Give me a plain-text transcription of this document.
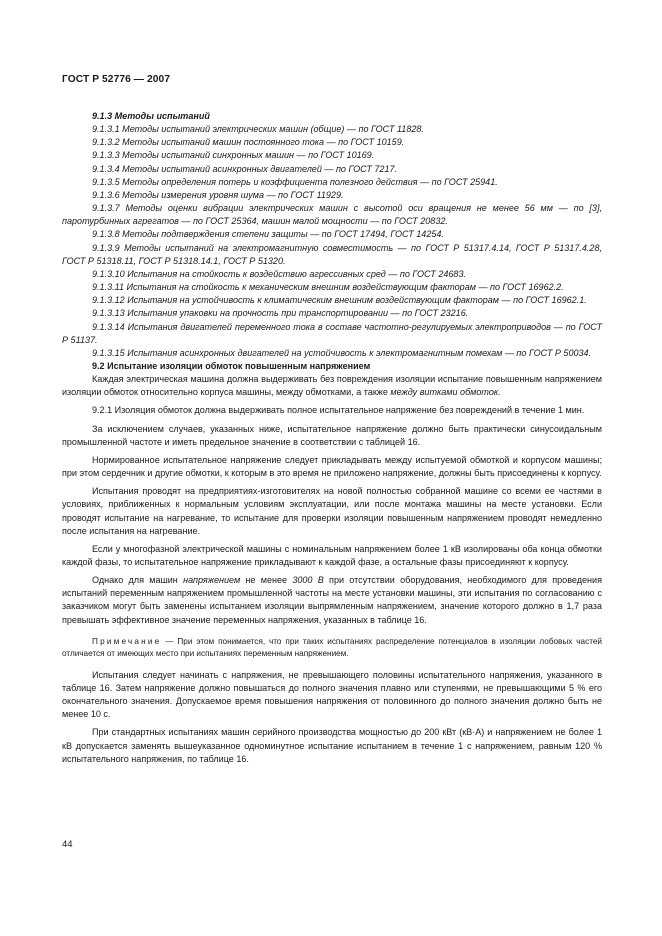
ГОСТ Р 52776 — 2007

9.1.3 Методы испытаний

9.1.3.1 Методы испытаний электрических машин (общие) — по ГОСТ 11828.

9.1.3.2 Методы испытаний машин постоянного тока — по ГОСТ 10159.

9.1.3.3 Методы испытаний синхронных машин — по ГОСТ 10169.

9.1.3.4 Методы испытаний асинхронных двигателей — по ГОСТ 7217.

9.1.3.5 Методы определения потерь и коэффициента полезного действия — по ГОСТ 25941.

9.1.3.6 Методы измерения уровня шума — по ГОСТ 11929.

9.1.3.7 Методы оценки вибрации электрических машин с высотой оси вращения не менее 56 мм — по [3], паротурбинных агрегатов — по ГОСТ 25364, машин малой мощности — по ГОСТ 20832.

9.1.3.8 Методы подтверждения степени защиты — по ГОСТ 17494, ГОСТ 14254.

9.1.3.9 Методы испытаний на электромагнитную совместимость — по ГОСТ Р 51317.4.14, ГОСТ Р 51317.4.28, ГОСТ Р 51318.11, ГОСТ Р 51318.14.1, ГОСТ Р 51320.

9.1.3.10 Испытания на стойкость к воздействию агрессивных сред — по ГОСТ 24683.

9.1.3.11 Испытания на стойкость к механическим внешним воздействующим факторам — по ГОСТ 16962.2.

9.1.3.12 Испытания на устойчивость к климатическим внешним воздействующим факторам — по ГОСТ 16962.1.

9.1.3.13 Испытания упаковки на прочность при транспортировании — по ГОСТ 23216.

9.1.3.14 Испытания двигателей переменного тока в составе частотно-регулируемых электроприводов — по ГОСТ Р 51137.

9.1.3.15 Испытания асинхронных двигателей на устойчивость к электромагнитным помехам — по ГОСТ Р 50034.

9.2 Испытание изоляции обмоток повышенным напряжением

Каждая электрическая машина должна выдерживать без повреждения изоляции испытание повышенным напряжением изоляции обмоток относительно корпуса машины, между обмотками, а также между витками обмоток.

9.2.1 Изоляция обмоток должна выдерживать полное испытательное напряжение без повреждений в течение 1 мин.

За исключением случаев, указанных ниже, испытательное напряжение должно быть практически синусоидальным промышленной частоте и иметь предельное значение в соответствии с таблицей 16.

Нормированное испытательное напряжение следует прикладывать между испытуемой обмоткой и корпусом машины; при этом сердечник и другие обмотки, к которым в это время не приложено напряжение, должны быть присоединены к корпусу.

Испытания проводят на предприятиях-изготовителях на новой полностью собранной машине со всеми ее частями в условиях, приближенных к нормальным условиям эксплуатации, или после монтажа машины на месте установки. Если проводят испытание на нагревание, то испытание для проверки изоляции повышенным напряжением проводят немедленно после испытания на нагревание.

Если у многофазной электрической машины с номинальным напряжением более 1 кВ изолированы оба конца обмотки каждой фазы, то испытательное напряжение прикладывают к каждой фазе, а остальные фазы присоединяют к корпусу.

Однако для машин напряжением не менее 3000 В при отсутствии оборудования, необходимого для проведения испытаний переменным напряжением промышленной частоты на месте установки машины, эти испытания по согласованию с заказчиком могут быть заменены испытанием изоляции выпрямленным напряжением, значение которого должно в 1,7 раза превышать эффективное значение переменных напряжения, указанных в таблице 16.

Примечание — При этом понимается, что при таких испытаниях распределение потенциалов в изоляции лобовых частей отличается от имеющих место при испытаниях переменным напряжением.

Испытания следует начинать с напряжения, не превышающего половины испытательного напряжения, указанного в таблице 16. Затем напряжение должно повышаться до полного значения плавно или ступенями, не превышающими 5 % его окончательного значения. Допускаемое время повышения напряжения от половинного до полного значения должно быть не менее 10 с.

При стандартных испытаниях машин серийного производства мощностью до 200 кВт (кВ·А) и напряжением не более 1 кВ допускается заменять вышеуказанное одноминутное испытание испытанием в течение 1 с напряжением, равным 120 % испытательного напряжения, по таблице 16.

44
